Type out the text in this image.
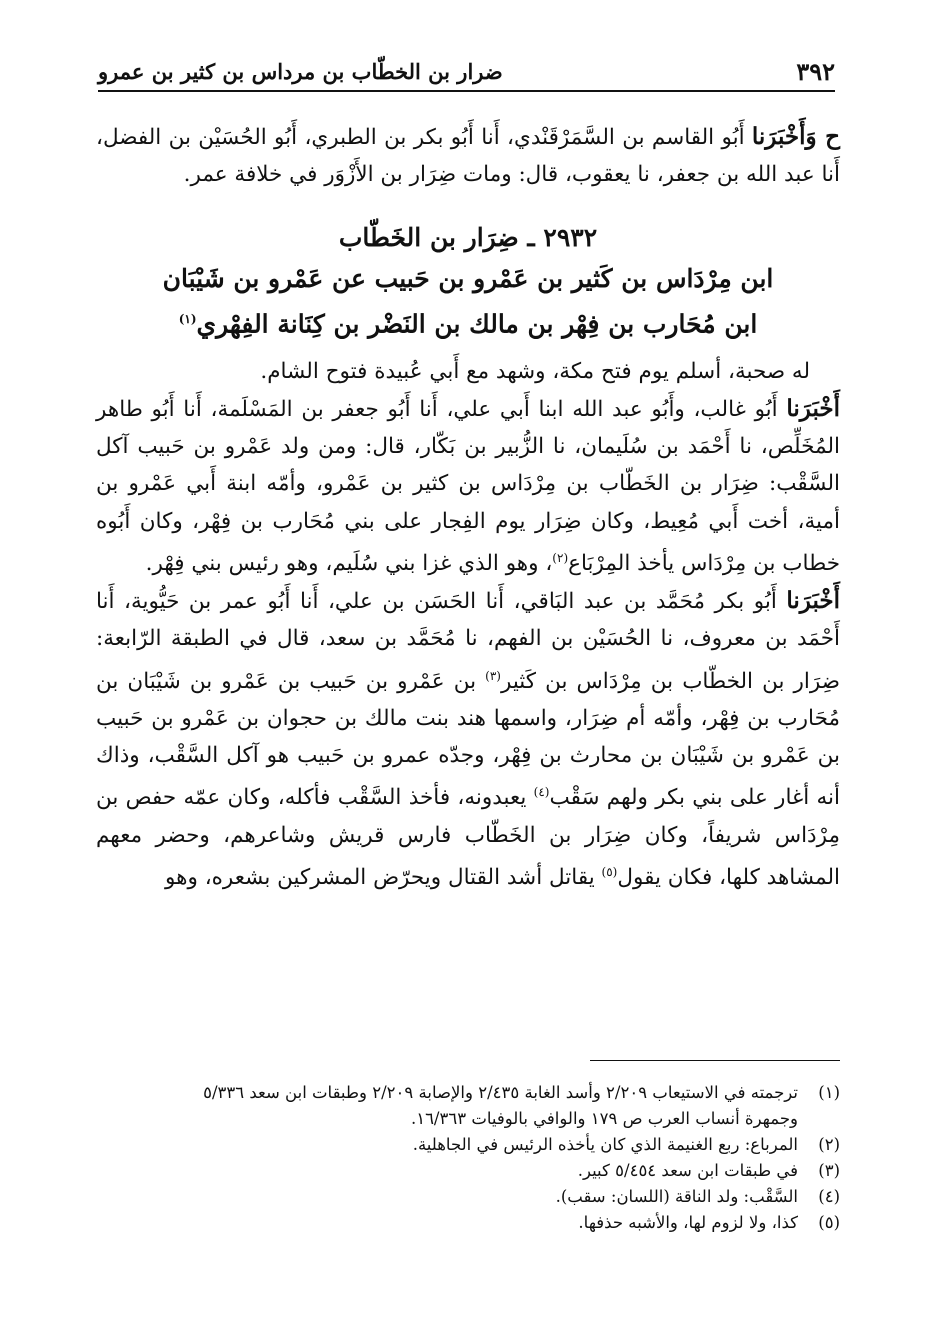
٣٩٢
ضرار بن الخطّاب بن مرداس بن كثير بن عمرو

ح وَأَخْبَرَنا أَبُو القاسم بن السَّمَرْقَنْدي، أَنا أَبُو بكر بن الطبري، أَبُو الحُسَيْن بن الفضل، أَنا عبد الله بن جعفر، نا يعقوب، قال: ومات ضِرَار بن الأَزْوَر في خلافة عمر.

٢٩٣٢ ـ ضِرَار بن الخَطّاب
ابن مِرْدَاس بن كَثير بن عَمْرو بن حَبيب عن عَمْرو بن شَيْبَان
ابن مُحَارب بن فِهْر بن مالك بن النَضْر بن كِنَانة الفِهْري$^{(١)}$

له صحبة، أسلم يوم فتح مكة، وشهد مع أَبي عُبيدة فتوح الشام.

أَخْبَرَنا أَبُو غالب، وأَبُو عبد الله ابنا أَبي علي، أَنا أَبُو جعفر بن المَسْلَمة، أَنا أَبُو طاهر المُخَلِّص، نا أَحْمَد بن سُلَيمان، نا الزُّبير بن بَكّار، قال: ومن ولد عَمْرو بن حَبيب آكل السَّقْب: ضِرَار بن الخَطّاب بن مِرْدَاس بن كثير بن عَمْرو، وأمّه ابنة أَبي عَمْرو بن أمية، أخت أَبي مُعِيط، وكان ضِرَار يوم الفِجار على بني مُحَارب بن فِهْر، وكان أَبُوه خطاب بن مِرْدَاس يأخذ المِرْبَاع$^{(٢)}$، وهو الذي غزا بني سُلَيم، وهو رئيس بني فِهْر.

أَخْبَرَنا أَبُو بكر مُحَمَّد بن عبد البَاقي، أَنا الحَسَن بن علي، أَنا أَبُو عمر بن حَيُّوية، أَنا أَحْمَد بن معروف، نا الحُسَيْن بن الفهم، نا مُحَمَّد بن سعد، قال في الطبقة الرّابعة: ضِرَار بن الخطّاب بن مِرْدَاس بن كَثير$^{(٣)}$ بن عَمْرو بن حَبيب بن عَمْرو بن شَيْبَان بن مُحَارب بن فِهْر، وأمّه أم ضِرَار، واسمها هند بنت مالك بن حجوان بن عَمْرو بن حَبيب بن عَمْرو بن شَيْبَان بن محارث بن فِهْر، وجدّه عمرو بن حَبيب هو آكل السَّقْب، وذاك أنه أغار على بني بكر ولهم سَقْب$^{(٤)}$ يعبدونه، فأخذ السَّقْب فأكله، وكان عمّه حفص بن مِرْدَاس شريفاً، وكان ضِرَار بن الخَطّاب فارس قريش وشاعرهم، وحضر معهم المشاهد كلها، فكان يقول$^{(٥)}$ يقاتل أشد القتال ويحرّض المشركين بشعره، وهو

(١)
ترجمته في الاستيعاب ٢/٢٠٩ وأسد الغابة ٢/٤٣٥ والإصابة ٢/٢٠٩ وطبقات ابن سعد ٥/٣٣٦

وجمهرة أنساب العرب ص ١٧٩ والوافي بالوفيات ١٦/٣٦٣.

(٢)
المرباع: ربع الغنيمة الذي كان يأخذه الرئيس في الجاهلية.

(٣)
في طبقات ابن سعد ٥/٤٥٤ كبير.

(٤)
السَّقْب: ولد الناقة (اللسان: سقب).

(٥)
كذا، ولا لزوم لها، والأشبه حذفها.
